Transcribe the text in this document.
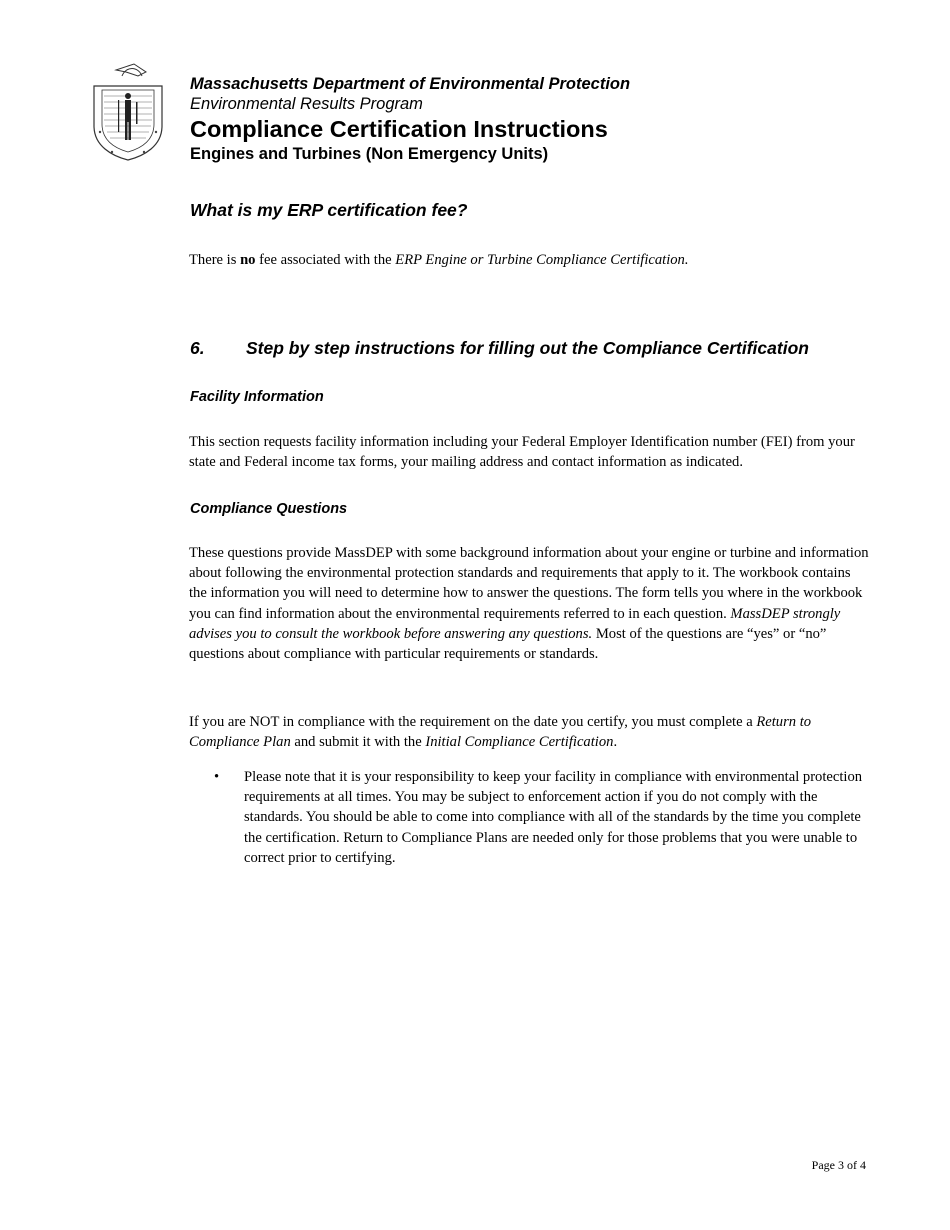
Massachusetts Department of Environmental Protection
Environmental Results Program
Compliance Certification Instructions
Engines and Turbines (Non Emergency Units)
What is my ERP certification fee?
There is no fee associated with the ERP Engine or Turbine Compliance Certification.
6. Step by step instructions for filling out the Compliance Certification
Facility Information
This section requests facility information including your Federal Employer Identification number (FEI) from your state and Federal income tax forms, your mailing address and contact information as indicated.
Compliance Questions
These questions provide MassDEP with some background information about your engine or turbine and information about following the environmental protection standards and requirements that apply to it. The workbook contains the information you will need to determine how to answer the questions. The form tells you where in the workbook you can find information about the environmental requirements referred to in each question. MassDEP strongly advises you to consult the workbook before answering any questions. Most of the questions are “yes” or “no” questions about compliance with particular requirements or standards.
If you are NOT in compliance with the requirement on the date you certify, you must complete a Return to Compliance Plan and submit it with the Initial Compliance Certification.
• Please note that it is your responsibility to keep your facility in compliance with environmental protection requirements at all times. You may be subject to enforcement action if you do not comply with the standards. You should be able to come into compliance with all of the standards by the time you complete the certification. Return to Compliance Plans are needed only for those problems that you were unable to correct prior to certifying.
Page 3 of 4
